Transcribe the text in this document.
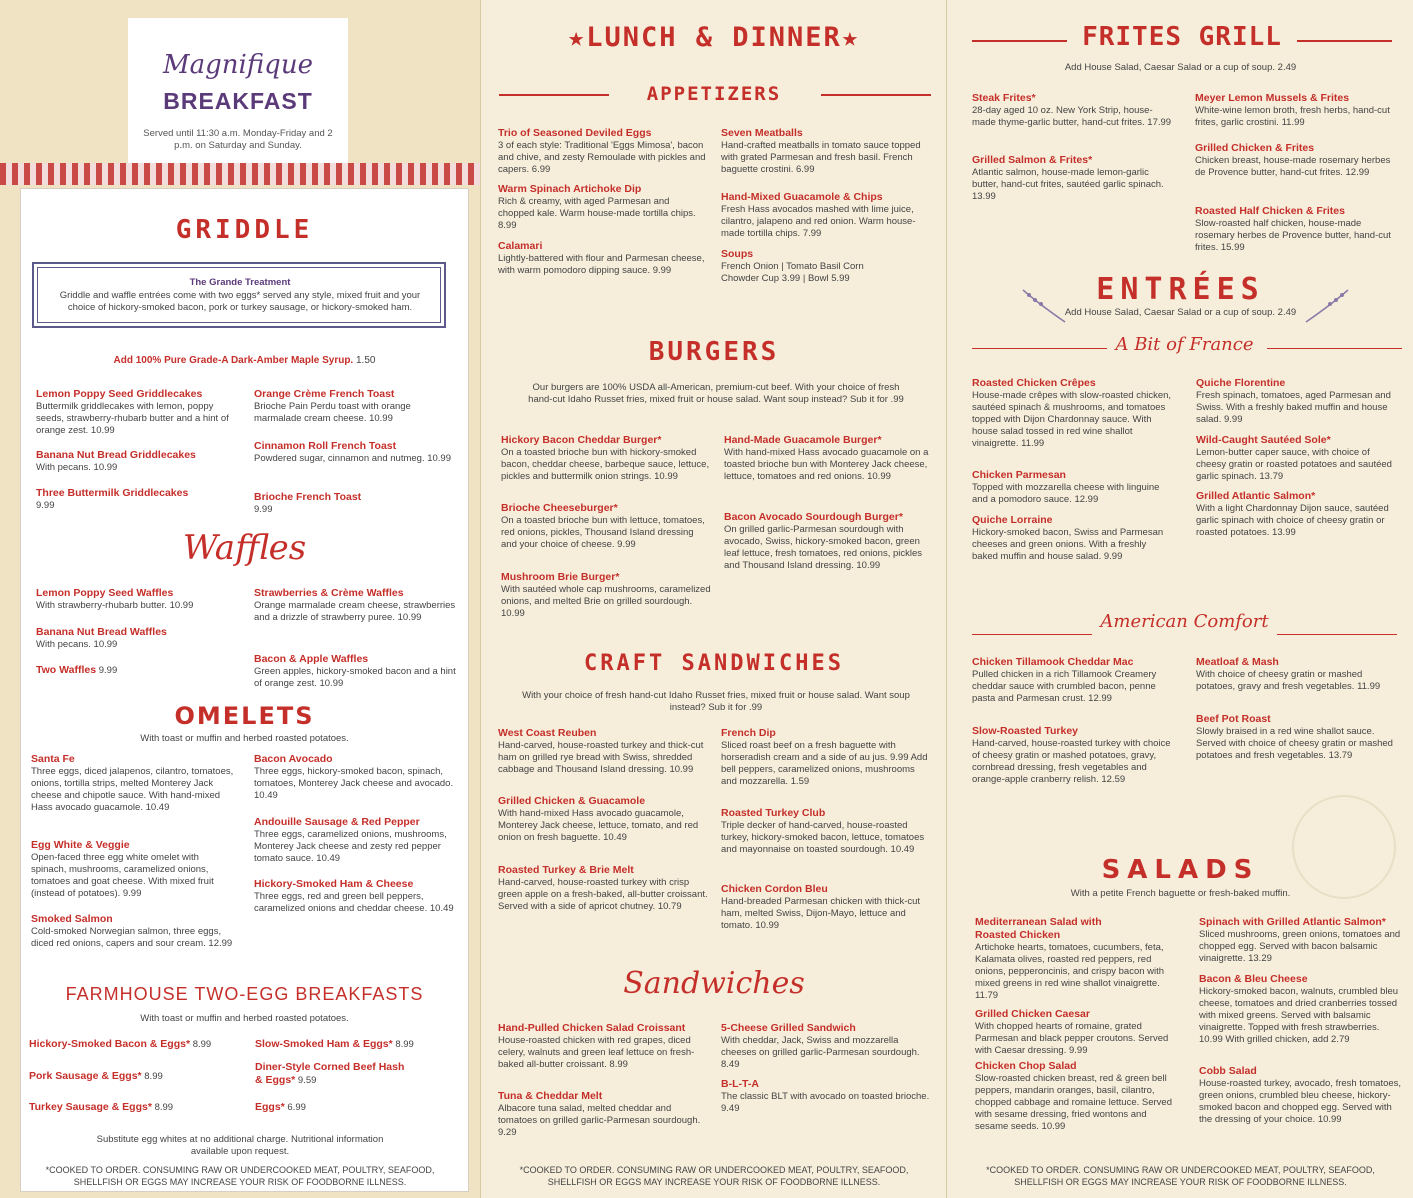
Magnifique
BREAKFAST
Served until 11:30 a.m. Monday-Friday and 2 p.m. on Saturday and Sunday.
GRIDDLE
The Grande Treatment
Griddle and waffle entrées come with two eggs* served any style, mixed fruit and your choice of hickory-smoked bacon, pork or turkey sausage, or hickory-smoked ham.
Add 100% Pure Grade-A Dark-Amber Maple Syrup. 1.50
Lemon Poppy Seed Griddlecakes
Buttermilk griddlecakes with lemon, poppy seeds, strawberry-rhubarb butter and a hint of orange zest. 10.99
Banana Nut Bread Griddlecakes
With pecans. 10.99
Three Buttermilk Griddlecakes
9.99
Orange Crème French Toast
Brioche Pain Perdu toast with orange marmalade cream cheese. 10.99
Cinnamon Roll French Toast
Powdered sugar, cinnamon and nutmeg. 10.99
Brioche French Toast
9.99
Waffles
Lemon Poppy Seed Waffles
With strawberry-rhubarb butter. 10.99
Banana Nut Bread Waffles
With pecans. 10.99
Two Waffles 9.99
Strawberries & Crème Waffles
Orange marmalade cream cheese, strawberries and a drizzle of strawberry puree. 10.99
Bacon & Apple Waffles
Green apples, hickory-smoked bacon and a hint of orange zest. 10.99
OMELETS
With toast or muffin and herbed roasted potatoes.
Santa Fe
Three eggs, diced jalapenos, cilantro, tomatoes, onions, tortilla strips, melted Monterey Jack cheese and chipotle sauce. With hand-mixed Hass avocado guacamole. 10.49
Egg White & Veggie
Open-faced three egg white omelet with spinach, mushrooms, caramelized onions, tomatoes and goat cheese. With mixed fruit (instead of potatoes). 9.99
Smoked Salmon
Cold-smoked Norwegian salmon, three eggs, diced red onions, capers and sour cream. 12.99
Bacon Avocado
Three eggs, hickory-smoked bacon, spinach, tomatoes, Monterey Jack cheese and avocado. 10.49
Andouille Sausage & Red Pepper
Three eggs, caramelized onions, mushrooms, Monterey Jack cheese and zesty red pepper tomato sauce. 10.49
Hickory-Smoked Ham & Cheese
Three eggs, red and green bell peppers, caramelized onions and cheddar cheese. 10.49
FARMHOUSE TWO-EGG BREAKFASTS
With toast or muffin and herbed roasted potatoes.
Hickory-Smoked Bacon & Eggs* 8.99
Pork Sausage & Eggs* 8.99
Turkey Sausage & Eggs* 8.99
Slow-Smoked Ham & Eggs* 8.99
Diner-Style Corned Beef Hash & Eggs* 9.59
Eggs* 6.99
Substitute egg whites at no additional charge. Nutritional information available upon request.
*COOKED TO ORDER. CONSUMING RAW OR UNDERCOOKED MEAT, POULTRY, SEAFOOD, SHELLFISH OR EGGS MAY INCREASE YOUR RISK OF FOODBORNE ILLNESS.
★LUNCH & DINNER★
APPETIZERS
Trio of Seasoned Deviled Eggs
3 of each style: Traditional 'Eggs Mimosa', bacon and chive, and zesty Remoulade with pickles and capers. 6.99
Warm Spinach Artichoke Dip
Rich & creamy, with aged Parmesan and chopped kale. Warm house-made tortilla chips. 8.99
Calamari
Lightly-battered with flour and Parmesan cheese, with warm pomodoro dipping sauce. 9.99
Seven Meatballs
Hand-crafted meatballs in tomato sauce topped with grated Parmesan and fresh basil. French baguette crostini. 6.99
Hand-Mixed Guacamole & Chips
Fresh Hass avocados mashed with lime juice, cilantro, jalapeno and red onion. Warm house-made tortilla chips. 7.99
Soups
French Onion | Tomato Basil Corn Chowder Cup 3.99 | Bowl 5.99
BURGERS
Our burgers are 100% USDA all-American, premium-cut beef. With your choice of fresh hand-cut Idaho Russet fries, mixed fruit or house salad. Want soup instead? Sub it for .99
Hickory Bacon Cheddar Burger*
On a toasted brioche bun with hickory-smoked bacon, cheddar cheese, barbeque sauce, lettuce, pickles and buttermilk onion strings. 10.99
Brioche Cheeseburger*
On a toasted brioche bun with lettuce, tomatoes, red onions, pickles, Thousand Island dressing and your choice of cheese. 9.99
Mushroom Brie Burger*
With sautéed whole cap mushrooms, caramelized onions, and melted Brie on grilled sourdough. 10.99
Hand-Made Guacamole Burger*
With hand-mixed Hass avocado guacamole on a toasted brioche bun with Monterey Jack cheese, lettuce, tomatoes and red onions. 10.99
Bacon Avocado Sourdough Burger*
On grilled garlic-Parmesan sourdough with avocado, Swiss, hickory-smoked bacon, green leaf lettuce, fresh tomatoes, red onions, pickles and Thousand Island dressing. 10.99
CRAFT SANDWICHES
With your choice of fresh hand-cut Idaho Russet fries, mixed fruit or house salad. Want soup instead? Sub it for .99
West Coast Reuben
Hand-carved, house-roasted turkey and thick-cut ham on grilled rye bread with Swiss, shredded cabbage and Thousand Island dressing. 10.99
Grilled Chicken & Guacamole
With hand-mixed Hass avocado guacamole, Monterey Jack cheese, lettuce, tomato, and red onion on fresh baguette. 10.49
Roasted Turkey & Brie Melt
Hand-carved, house-roasted turkey with crisp green apple on a fresh-baked, all-butter croissant. Served with a side of apricot chutney. 10.79
French Dip
Sliced roast beef on a fresh baguette with horseradish cream and a side of au jus. 9.99 Add bell peppers, caramelized onions, mushrooms and mozzarella. 1.59
Roasted Turkey Club
Triple decker of hand-carved, house-roasted turkey, hickory-smoked bacon, lettuce, tomatoes and mayonnaise on toasted sourdough. 10.49
Chicken Cordon Bleu
Hand-breaded Parmesan chicken with thick-cut ham, melted Swiss, Dijon-Mayo, lettuce and tomato. 10.99
Sandwiches
Hand-Pulled Chicken Salad Croissant
House-roasted chicken with red grapes, diced celery, walnuts and green leaf lettuce on fresh-baked all-butter croissant. 8.99
Tuna & Cheddar Melt
Albacore tuna salad, melted cheddar and tomatoes on grilled garlic-Parmesan sourdough. 9.29
5-Cheese Grilled Sandwich
With cheddar, Jack, Swiss and mozzarella cheeses on grilled garlic-Parmesan sourdough. 8.49
B-L-T-A
The classic BLT with avocado on toasted brioche. 9.49
*COOKED TO ORDER. CONSUMING RAW OR UNDERCOOKED MEAT, POULTRY, SEAFOOD, SHELLFISH OR EGGS MAY INCREASE YOUR RISK OF FOODBORNE ILLNESS.
FRITES GRILL
Add House Salad, Caesar Salad or a cup of soup. 2.49
Steak Frites*
28-day aged 10 oz. New York Strip, house-made thyme-garlic butter, hand-cut frites. 17.99
Grilled Salmon & Frites*
Atlantic salmon, house-made lemon-garlic butter, hand-cut frites, sautéed garlic spinach. 13.99
Meyer Lemon Mussels & Frites
White-wine lemon broth, fresh herbs, hand-cut frites, garlic crostini. 11.99
Grilled Chicken & Frites
Chicken breast, house-made rosemary herbes de Provence butter, hand-cut frites. 12.99
Roasted Half Chicken & Frites
Slow-roasted half chicken, house-made rosemary herbes de Provence butter, hand-cut frites. 15.99
ENTRÉES
Add House Salad, Caesar Salad or a cup of soup. 2.49
A Bit of France
Roasted Chicken Crêpes
House-made crêpes with slow-roasted chicken, sautéed spinach & mushrooms, and tomatoes topped with Dijon Chardonnay sauce. With house salad tossed in red wine shallot vinaigrette. 11.99
Chicken Parmesan
Topped with mozzarella cheese with linguine and a pomodoro sauce. 12.99
Quiche Lorraine
Hickory-smoked bacon, Swiss and Parmesan cheeses and green onions. With a freshly baked muffin and house salad. 9.99
Quiche Florentine
Fresh spinach, tomatoes, aged Parmesan and Swiss. With a freshly baked muffin and house salad. 9.99
Wild-Caught Sautéed Sole*
Lemon-butter caper sauce, with choice of cheesy gratin or roasted potatoes and sautéed garlic spinach. 13.79
Grilled Atlantic Salmon*
With a light Chardonnay Dijon sauce, sautéed garlic spinach with choice of cheesy gratin or roasted potatoes. 13.99
American Comfort
Chicken Tillamook Cheddar Mac
Pulled chicken in a rich Tillamook Creamery cheddar sauce with crumbled bacon, penne pasta and Parmesan crust. 12.99
Slow-Roasted Turkey
Hand-carved, house-roasted turkey with choice of cheesy gratin or mashed potatoes, gravy, cornbread dressing, fresh vegetables and orange-apple cranberry relish. 12.59
Meatloaf & Mash
With choice of cheesy gratin or mashed potatoes, gravy and fresh vegetables. 11.99
Beef Pot Roast
Slowly braised in a red wine shallot sauce. Served with choice of cheesy gratin or mashed potatoes and fresh vegetables. 13.79
SALADS
With a petite French baguette or fresh-baked muffin.
Mediterranean Salad with Roasted Chicken
Artichoke hearts, tomatoes, cucumbers, feta, Kalamata olives, roasted red peppers, red onions, pepperoncinis, and crispy bacon with mixed greens in red wine shallot vinaigrette. 11.79
Grilled Chicken Caesar
With chopped hearts of romaine, grated Parmesan and black pepper croutons. Served with Caesar dressing. 9.99
Chicken Chop Salad
Slow-roasted chicken breast, red & green bell peppers, mandarin oranges, basil, cilantro, chopped cabbage and romaine lettuce. Served with sesame dressing, fried wontons and sesame seeds. 10.99
Spinach with Grilled Atlantic Salmon*
Sliced mushrooms, green onions, tomatoes and chopped egg. Served with bacon balsamic vinaigrette. 13.29
Bacon & Bleu Cheese
Hickory-smoked bacon, walnuts, crumbled bleu cheese, tomatoes and dried cranberries tossed with mixed greens. Served with balsamic vinaigrette. Topped with fresh strawberries. 10.99 With grilled chicken, add 2.79
Cobb Salad
House-roasted turkey, avocado, fresh tomatoes, green onions, crumbled bleu cheese, hickory-smoked bacon and chopped egg. Served with the dressing of your choice. 10.99
*COOKED TO ORDER. CONSUMING RAW OR UNDERCOOKED MEAT, POULTRY, SEAFOOD, SHELLFISH OR EGGS MAY INCREASE YOUR RISK OF FOODBORNE ILLNESS.
